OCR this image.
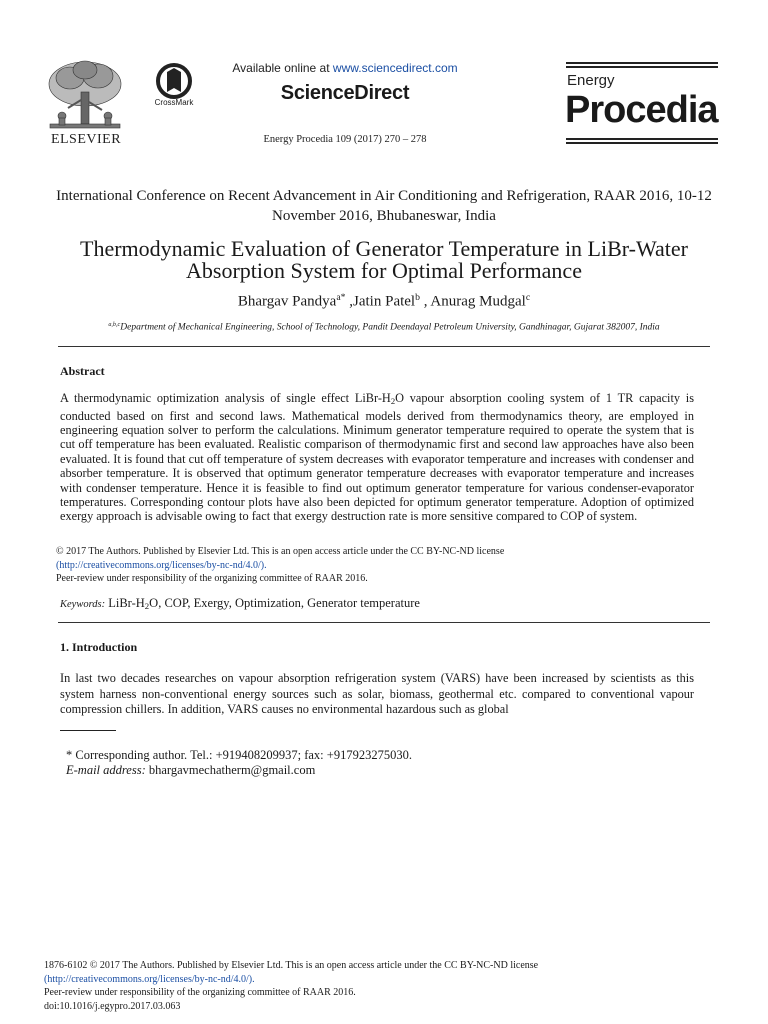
ELSEVIER
CrossMark
Available online at www.sciencedirect.com
ScienceDirect
Energy Procedia 109 (2017) 270 – 278
Energy
Procedia
International Conference on Recent Advancement in Air Conditioning and Refrigeration, RAAR 2016, 10-12 November 2016, Bhubaneswar, India
Thermodynamic Evaluation of Generator Temperature in LiBr-Water Absorption System for Optimal Performance
Bhargav Pandya$^{a*}$ ,Jatin Patel$^b$ , Anurag Mudgal$^c$
$^{a,b,c}$Department of Mechanical Engineering, School of Technology, Pandit Deendayal Petroleum University, Gandhinagar, Gujarat 382007, India
Abstract
A thermodynamic optimization analysis of single effect LiBr-$H_2O$ vapour absorption cooling system of 1 TR capacity is conducted based on first and second laws. Mathematical models derived from thermodynamics theory, are employed in engineering equation solver to perform the calculations. Minimum generator temperature required to operate the system that is cut off temperature has been evaluated. Realistic comparison of thermodynamic first and second law approaches have also been evaluated. It is found that cut off temperature of system decreases with evaporator temperature and increases with condenser and absorber temperature. It is observed that optimum generator temperature decreases with evaporator temperature and increases with condenser temperature. Hence it is feasible to find out optimum generator temperature for various condenser-evaporator temperatures. Corresponding contour plots have also been depicted for optimum generator temperature. Adoption of optimized exergy approach is advisable owing to fact that exergy destruction rate is more sensitive compared to COP of system.
© 2017 The Authors. Published by Elsevier Ltd. This is an open access article under the CC BY-NC-ND license
(http://creativecommons.org/licenses/by-nc-nd/4.0/).
Peer-review under responsibility of the organizing committee of RAAR 2016.
Keywords: LiBr-$H_2O$, COP, Exergy, Optimization, Generator temperature
1. Introduction
In last two decades researches on vapour absorption refrigeration system (VARS) have been increased by scientists as this system harness non-conventional energy sources such as solar, biomass, geothermal etc. compared to conventional vapour compression chillers. In addition, VARS causes no environmental hazardous such as global
* Corresponding author. Tel.: +919408209937; fax: +917923275030.
E-mail address: bhargavmechatherm@gmail.com
1876-6102 © 2017 The Authors. Published by Elsevier Ltd. This is an open access article under the CC BY-NC-ND license
(http://creativecommons.org/licenses/by-nc-nd/4.0/).
Peer-review under responsibility of the organizing committee of RAAR 2016.
doi:10.1016/j.egypro.2017.03.063
